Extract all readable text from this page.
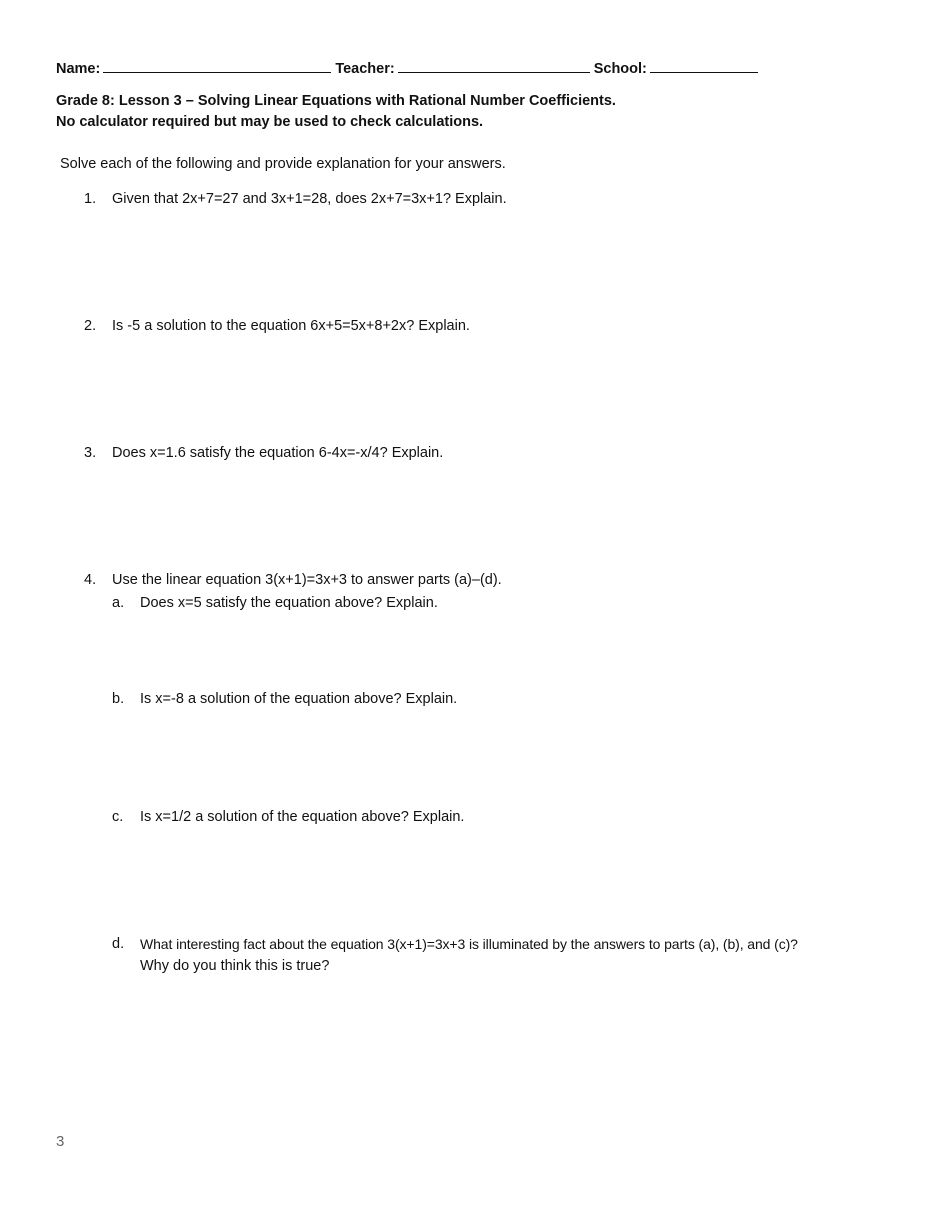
Name:	Teacher:	School:
Grade 8: Lesson 3 – Solving Linear Equations with Rational Number Coefficients.
No calculator required but may be used to check calculations.
Solve each of the following and provide explanation for your answers.
1. Given that 2x+7=27 and 3x+1=28, does 2x+7=3x+1? Explain.
2. Is -5 a solution to the equation 6x+5=5x+8+2x? Explain.
3. Does x=1.6 satisfy the equation 6-4x=-x/4? Explain.
4. Use the linear equation 3(x+1)=3x+3 to answer parts (a)–(d).
a. Does x=5 satisfy the equation above? Explain.
b. Is x=-8 a solution of the equation above? Explain.
c. Is x=1/2 a solution of the equation above? Explain.
d. What interesting fact about the equation 3(x+1)=3x+3 is illuminated by the answers to parts (a), (b), and (c)?
Why do you think this is true?
3
